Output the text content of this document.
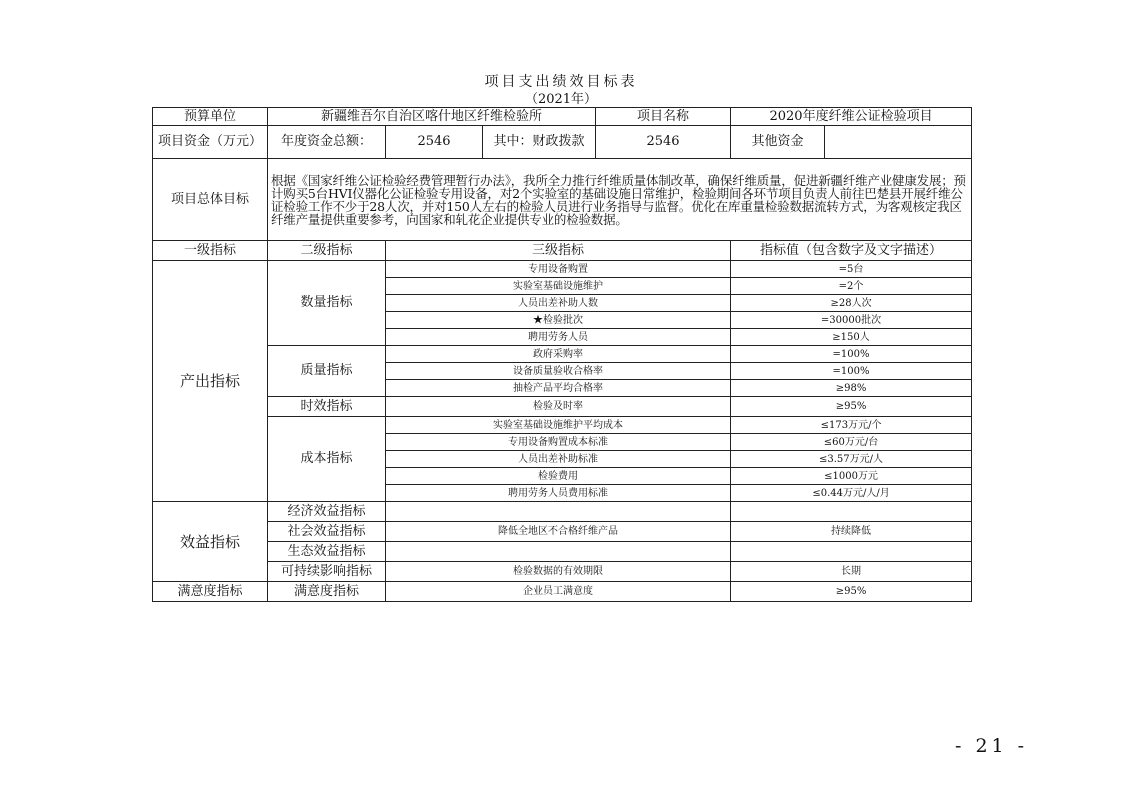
项目支出绩效目标表
（2021年）
预算单位	新疆维吾尔自治区喀什地区纤维检验所			项目名称	2020年度纤维公证检验项目	
项目资金（万元）	年度资金总额：	2546	其中：财政拨款	2546	其他资金	
项目总体目标	根据《国家纤维公证检验经费管理暂行办法》，我所全力推行纤维质量体制改革，确保纤维质量，促进新疆纤维产业健康发展；预计购买5台HVI仪器化公证检验专用设备，对2个实验室的基础设施日常维护，检验期间各环节项目负责人前往巴楚县开展纤维公证检验工作不少于28人次，并对150人左右的检验人员进行业务指导与监督。优化在库重量检验数据流转方式，为客观核定我区纤维产量提供重要参考，向国家和轧花企业提供专业的检验数据。					
一级指标	二级指标	三级指标			指标值（包含数字及文字描述）	
产出指标	数量指标	专用设备购置			=5台	
		实验室基础设施维护			=2个	
		人员出差补助人数			≥28人次	
		★检验批次			=30000批次	
		聘用劳务人员			≥150人	
	质量指标	政府采购率			=100%	
		设备质量验收合格率			=100%	
		抽检产品平均合格率			≥98%	
	时效指标	检验及时率			≥95%	
	成本指标	实验室基础设施维护平均成本			≤173万元/个	
		专用设备购置成本标准			≤60万元/台	
		人员出差补助标准			≤3.57万元/人	
		检验费用			≤1000万元	
		聘用劳务人员费用标准			≤0.44万元/人/月	
效益指标	经济效益指标					
	社会效益指标	降低全地区不合格纤维产品			持续降低	
	生态效益指标					
	可持续影响指标	检验数据的有效期限			长期	
满意度指标	满意度指标	企业员工满意度			≥95%	
- 21 -
